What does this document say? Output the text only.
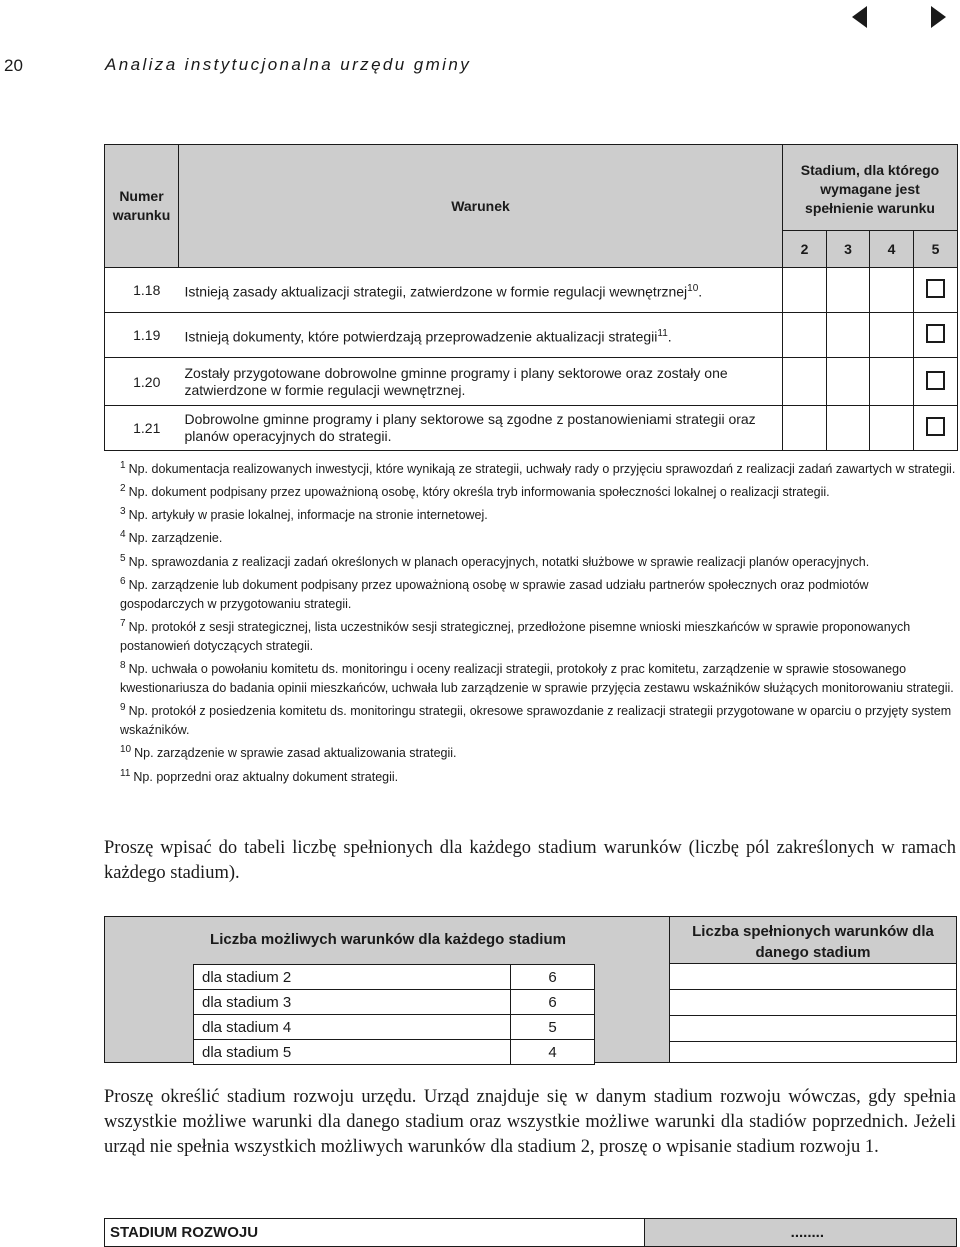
20	Analiza instytucjonalna urzędu gminy
Numer warunku	Warunek	Stadium, dla którego wymagane jest spełnienie warunku			
		2	3	4	5
1.18	Istnieją zasady aktualizacji strategii, zatwierdzone w formie regulacji wewnętrznej$^{10}$.				
1.19	Istnieją dokumenty, które potwierdzają przeprowadzenie aktualizacji strategii$^{11}$.				
1.20	Zostały przygotowane dobrowolne gminne programy i plany sektorowe oraz zostały one zatwierdzone w formie regulacji wewnętrznej.				
1.21	Dobrowolne gminne programy i plany sektorowe są zgodne z postanowieniami strategii oraz planów operacyjnych do strategii.				

$^1$ Np. dokumentacja realizowanych inwestycji, które wynikają ze strategii, uchwały rady o przyjęciu sprawozdań z realizacji zadań zawartych w strategii.

$^2$ Np. dokument podpisany przez upoważnioną osobę, który określa tryb informowania społeczności lokalnej o realizacji strategii.

$^3$ Np. artykuły w prasie lokalnej, informacje na stronie internetowej.

$^4$ Np. zarządzenie.

$^5$ Np. sprawozdania z realizacji zadań określonych w planach operacyjnych, notatki służbowe w sprawie realizacji planów operacyjnych.

$^6$ Np. zarządzenie lub dokument podpisany przez upoważnioną osobę w sprawie zasad udziału partnerów społecznych oraz podmiotów gospodarczych w przygotowaniu strategii.

$^7$ Np. protokół z sesji strategicznej, lista uczestników sesji strategicznej, przedłożone pisemne wnioski mieszkańców w sprawie proponowanych postanowień dotyczących strategii.

$^8$ Np. uchwała o powołaniu komitetu ds. monitoringu i oceny realizacji strategii, protokoły z prac komitetu, zarządzenie w sprawie stosowanego kwestionariusza do badania opinii mieszkańców, uchwała lub zarządzenie w sprawie przyjęcia zestawu wskaźników służących monitorowaniu strategii.

$^9$ Np. protokół z posiedzenia komitetu ds. monitoringu strategii, okresowe sprawozdanie z realizacji strategii przygotowane w oparciu o przyjęty system wskaźników.

$^{10}$ Np. zarządzenie w sprawie zasad aktualizowania strategii.

$^{11}$ Np. poprzedni oraz aktualny dokument strategii.

Proszę wpisać do tabeli liczbę spełnionych dla każdego stadium warunków (liczbę pól zakreślonych w ramach każdego stadium).
Liczba możliwych warunków dla każdego stadium
dla stadium 2	6
dla stadium 3	6
dla stadium 4	5
dla stadium 5	4
Liczba spełnionych warunków dla danego stadium
Proszę określić stadium rozwoju urzędu. Urząd znajduje się w danym stadium rozwoju wówczas, gdy spełnia wszystkie możliwe warunki dla danego stadium oraz wszystkie możliwe warunki dla stadiów poprzednich. Jeżeli urząd nie spełnia wszystkich możliwych warunków dla stadium 2, proszę o wpisanie stadium rozwoju 1.
STADIUM ROZWOJU	........
